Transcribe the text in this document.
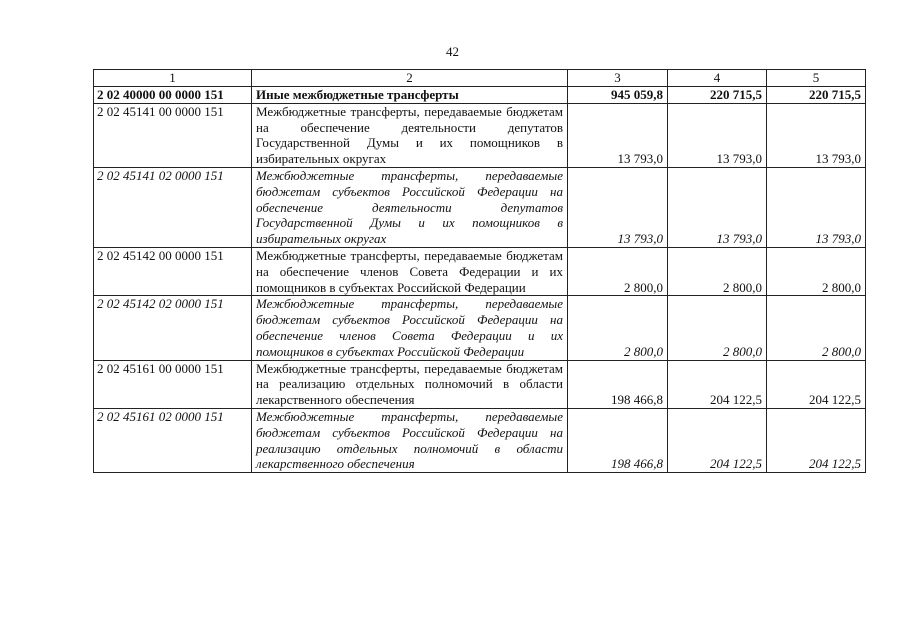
42
1	2	3	4	5
2 02 40000 00 0000 151	Иные межбюджетные трансферты	945 059,8	220 715,5	220 715,5
2 02 45141 00 0000 151	Межбюджетные трансферты, передаваемые бюджетам на обеспечение деятельности депутатов Государственной Думы и их помощников в избирательных округах	13 793,0	13 793,0	13 793,0
2 02 45141 02 0000 151	Межбюджетные трансферты, передаваемые бюджетам субъектов Российской Федерации на обеспечение деятельности депутатов Государственной Думы и их помощников в избирательных округах	13 793,0	13 793,0	13 793,0
2 02 45142 00 0000 151	Межбюджетные трансферты, передаваемые бюджетам на обеспечение членов Совета Федерации и их помощников в субъектах Российской Федерации	2 800,0	2 800,0	2 800,0
2 02 45142 02 0000 151	Межбюджетные трансферты, передаваемые бюджетам субъектов Российской Федерации на обеспечение членов Совета Федерации и их помощников в субъектах Российской Федерации	2 800,0	2 800,0	2 800,0
2 02 45161 00 0000 151	Межбюджетные трансферты, передаваемые бюджетам на реализацию отдельных полномочий в области лекарственного обеспечения	198 466,8	204 122,5	204 122,5
2 02 45161 02 0000 151	Межбюджетные трансферты, передаваемые бюджетам субъектов Российской Федерации на реализацию отдельных полномочий в области лекарственного обеспечения	198 466,8	204 122,5	204 122,5
